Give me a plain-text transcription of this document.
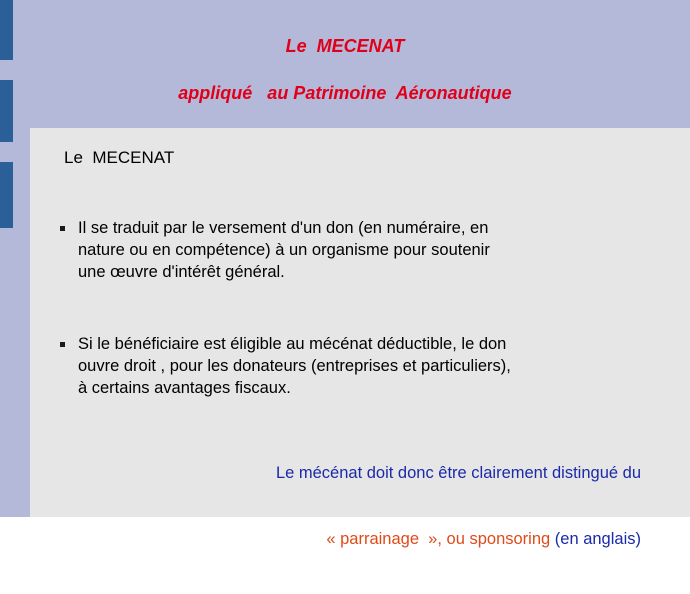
Le  MECENAT
appliqué   au Patrimoine  Aéronautique
Le  MECENAT
Il se traduit par le versement d'un don (en numéraire, en
nature ou en compétence) à un organisme pour soutenir
une œuvre d'intérêt général.
Si le bénéficiaire est éligible au mécénat déductible, le don
ouvre droit , pour les donateurs (entreprises et particuliers),
à certains avantages fiscaux.

Le mécénat doit donc être clairement distingué du

« parrainage  », ou sponsoring (en anglais)
